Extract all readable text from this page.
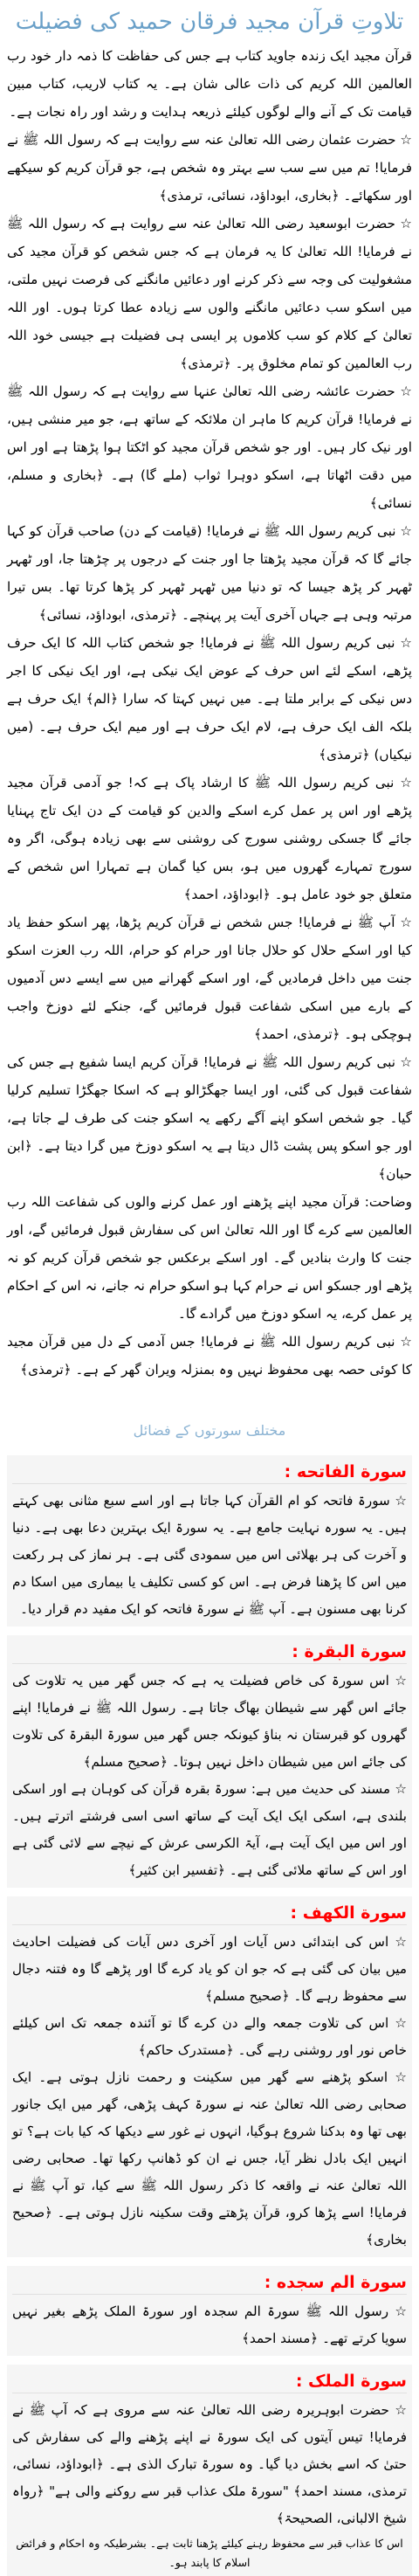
تلاوتِ قرآن مجید فرقان حمید کی فضیلت

قرآن مجید ایک زندہ جاوید کتاب ہے جس کی حفاظت کا ذمہ دار خود رب العالمین اللہ کریم کی ذات عالی شان ہے۔ یہ کتاب لاریب، کتاب مبین قیامت تک کے آنے والے لوگوں کیلئے ذریعہ ہدایت و رشد اور راہ نجات ہے۔

☆ حضرت عثمان رضی اللہ تعالیٰ عنہ سے روایت ہے کہ رسول اللہ ﷺ نے فرمایا! تم میں سے سب سے بہتر وہ شخص ہے، جو قرآن کریم کو سیکھے اور سکھائے۔ ﴿بخاری، ابوداؤد، نسائی، ترمذی﴾

☆ حضرت ابوسعید رضی اللہ تعالیٰ عنہ سے روایت ہے کہ رسول اللہ ﷺ نے فرمایا! اللہ تعالیٰ کا یہ فرمان ہے کہ جس شخص کو قرآن مجید کی مشغولیت کی وجہ سے ذکر کرنے اور دعائیں مانگنے کی فرصت نہیں ملتی، میں اسکو سب دعائیں مانگنے والوں سے زیادہ عطا کرتا ہوں۔ اور اللہ تعالیٰ کے کلام کو سب کلاموں پر ایسی ہی فضیلت ہے جیسی خود اللہ رب العالمین کو تمام مخلوق پر۔ ﴿ترمذی﴾

☆ حضرت عائشہ رضی اللہ تعالیٰ عنہا سے روایت ہے کہ رسول اللہ ﷺ نے فرمایا! قرآن کریم کا ماہر ان ملائکہ کے ساتھ ہے، جو میر منشی ہیں، اور نیک کار ہیں۔ اور جو شخص قرآن مجید کو اٹکتا ہوا پڑھتا ہے اور اس میں دقت اٹھاتا ہے، اسکو دوہرا ثواب (ملے گا) ہے۔ ﴿بخاری و مسلم، نسائی﴾

☆ نبی کریم رسول اللہ ﷺ نے فرمایا! (قیامت کے دن) صاحب قرآن کو کہا جائے گا کہ قرآن مجید پڑھتا جا اور جنت کے درجوں پر چڑھتا جا، اور ٹھہر ٹھہر کر پڑھ جیسا کہ تو دنیا میں ٹھہر ٹھہر کر پڑھا کرتا تھا۔ بس تیرا مرتبہ وہی ہے جہاں آخری آیت پر پہنچے۔ ﴿ترمذی، ابوداؤد، نسائی﴾

☆ نبی کریم رسول اللہ ﷺ نے فرمایا! جو شخص کتاب اللہ کا ایک حرف پڑھے، اسکے لئے اس حرف کے عوض ایک نیکی ہے، اور ایک نیکی کا اجر دس نیکی کے برابر ملتا ہے۔ میں نہیں کہتا کہ سارا ﴿الم﴾ ایک حرف ہے بلکہ الف ایک حرف ہے، لام ایک حرف ہے اور میم ایک حرف ہے۔ (میں نیکیاں) ﴿ترمذی﴾

☆ نبی کریم رسول اللہ ﷺ کا ارشاد پاک ہے کہ! جو آدمی قرآن مجید پڑھے اور اس پر عمل کرے اسکے والدین کو قیامت کے دن ایک تاج پہنایا جائے گا جسکی روشنی سورج کی روشنی سے بھی زیادہ ہوگی، اگر وہ سورج تمہارے گھروں میں ہو، بس کیا گمان ہے تمہارا اس شخص کے متعلق جو خود عامل ہو۔ ﴿ابوداؤد، احمد﴾

☆ آپ ﷺ نے فرمایا! جس شخص نے قرآن کریم پڑھا، پھر اسکو حفظ یاد کیا اور اسکے حلال کو حلال جانا اور حرام کو حرام، اللہ رب العزت اسکو جنت میں داخل فرمادیں گے، اور اسکے گھرانے میں سے ایسے دس آدمیوں کے بارے میں اسکی شفاعت قبول فرمائیں گے، جنکے لئے دوزخ واجب ہوچکی ہو۔ ﴿ترمذی، احمد﴾

☆ نبی کریم رسول اللہ ﷺ نے فرمایا! قرآن کریم ایسا شفیع ہے جس کی شفاعت قبول کی گئی، اور ایسا جھگڑالو ہے کہ اسکا جھگڑا تسلیم کرلیا گیا۔ جو شخص اسکو اپنے آگے رکھے یہ اسکو جنت کی طرف لے جاتا ہے، اور جو اسکو پس پشت ڈال دیتا ہے یہ اسکو دوزخ میں گرا دیتا ہے۔ ﴿ابن حبان﴾

وضاحت: قرآن مجید اپنے پڑھنے اور عمل کرنے والوں کی شفاعت اللہ رب العالمین سے کرے گا اور اللہ تعالیٰ اس کی سفارش قبول فرمائیں گے، اور جنت کا وارث بنادیں گے۔ اور اسکے برعکس جو شخص قرآن کریم کو نہ پڑھے اور جسکو اس نے حرام کہا ہو اسکو حرام نہ جانے، نہ اس کے احکام پر عمل کرے، یہ اسکو دوزخ میں گرادے گا۔

☆ نبی کریم رسول اللہ ﷺ نے فرمایا! جس آدمی کے دل میں قرآن مجید کا کوئی حصہ بھی محفوظ نہیں وہ بمنزلہ ویران گھر کے ہے۔ ﴿ترمذی﴾

مختلف سورتوں کے فضائل
سورة الفاتحه :

☆ سورۃ فاتحہ کو ام القرآن کہا جاتا ہے اور اسے سبع مثانی بھی کہتے ہیں۔ یہ سورہ نہایت جامع ہے۔ یہ سورۃ ایک بہترین دعا بھی ہے۔ دنیا و آخرت کی ہر بھلائی اس میں سمودی گئی ہے۔ ہر نماز کی ہر رکعت میں اس کا پڑھنا فرض ہے۔ اس کو کسی تکلیف یا بیماری میں اسکا دم کرنا بھی مسنون ہے۔ آپ ﷺ نے سورۃ فاتحہ کو ایک مفید دم قرار دیا۔

سورة البقرة :

☆ اس سورۃ کی خاص فضیلت یہ ہے کہ جس گھر میں یہ تلاوت کی جائے اس گھر سے شیطان بھاگ جاتا ہے۔ رسول اللہ ﷺ نے فرمایا! اپنے گھروں کو قبرستان نہ بناؤ کیونکہ جس گھر میں سورۃ البقرۃ کی تلاوت کی جائے اس میں شیطان داخل نہیں ہوتا۔ ﴿صحیح مسلم﴾

☆ مسند کی حدیث میں ہے: سورۃ بقرہ قرآن کی کوہان ہے اور اسکی بلندی ہے، اسکی ایک ایک آیت کے ساتھ اسی اسی فرشتے اترتے ہیں۔ اور اس میں ایک آیت ہے، آیۃ الکرسی عرش کے نیچے سے لائی گئی ہے اور اس کے ساتھ ملائی گئی ہے۔ ﴿تفسیر ابن کثیر﴾

سورة الکهف :

☆ اس کی ابتدائی دس آیات اور آخری دس آیات کی فضیلت احادیث میں بیان کی گئی ہے کہ جو ان کو یاد کرے گا اور پڑھے گا وہ فتنہ دجال سے محفوظ رہے گا۔ ﴿صحیح مسلم﴾

☆ اس کی تلاوت جمعہ والے دن کرے گا تو آئندہ جمعہ تک اس کیلئے خاص نور اور روشنی رہے گی۔ ﴿مستدرک حاکم﴾

☆ اسکو پڑھنے سے گھر میں سکینت و رحمت نازل ہوتی ہے۔ ایک صحابی رضی اللہ تعالیٰ عنہ نے سورۃ کہف پڑھی، گھر میں ایک جانور بھی تھا وہ بدکنا شروع ہوگیا، انہوں نے غور سے دیکھا کہ کیا بات ہے؟ تو انہیں ایک بادل نظر آیا، جس نے ان کو ڈھانپ رکھا تھا۔ صحابی رضی اللہ تعالیٰ عنہ نے واقعہ کا ذکر رسول اللہ ﷺ سے کیا، تو آپ ﷺ نے فرمایا! اسے پڑھا کرو، قرآن پڑھتے وقت سکینہ نازل ہوتی ہے۔ ﴿صحیح بخاری﴾

سورة الم سجده :

☆ رسول اللہ ﷺ سورۃ الم سجدہ اور سورۃ الملک پڑھے بغیر نہیں سویا کرتے تھے۔ ﴿مسند احمد﴾

سورة الملک :

☆ حضرت ابوہریرہ رضی اللہ تعالیٰ عنہ سے مروی ہے کہ آپ ﷺ نے فرمایا! تیس آیتوں کی ایک سورۃ نے اپنے پڑھنے والے کی سفارش کی حتیٰ کہ اسے بخش دیا گیا۔ وہ سورۃ تبارک الذی ہے۔ ﴿ابوداؤد، نسائی، ترمذی، مسند احمد﴾ "سورۃ ملک عذاب قبر سے روکنے والی ہے" ﴿رواہ شیخ الالبانی، الصحیحۃ﴾

اس کا عذاب قبر سے محفوظ رہنے کیلئے پڑھنا ثابت ہے۔ بشرطیکہ وہ احکام و فرائض اسلام کا پابند ہو۔
